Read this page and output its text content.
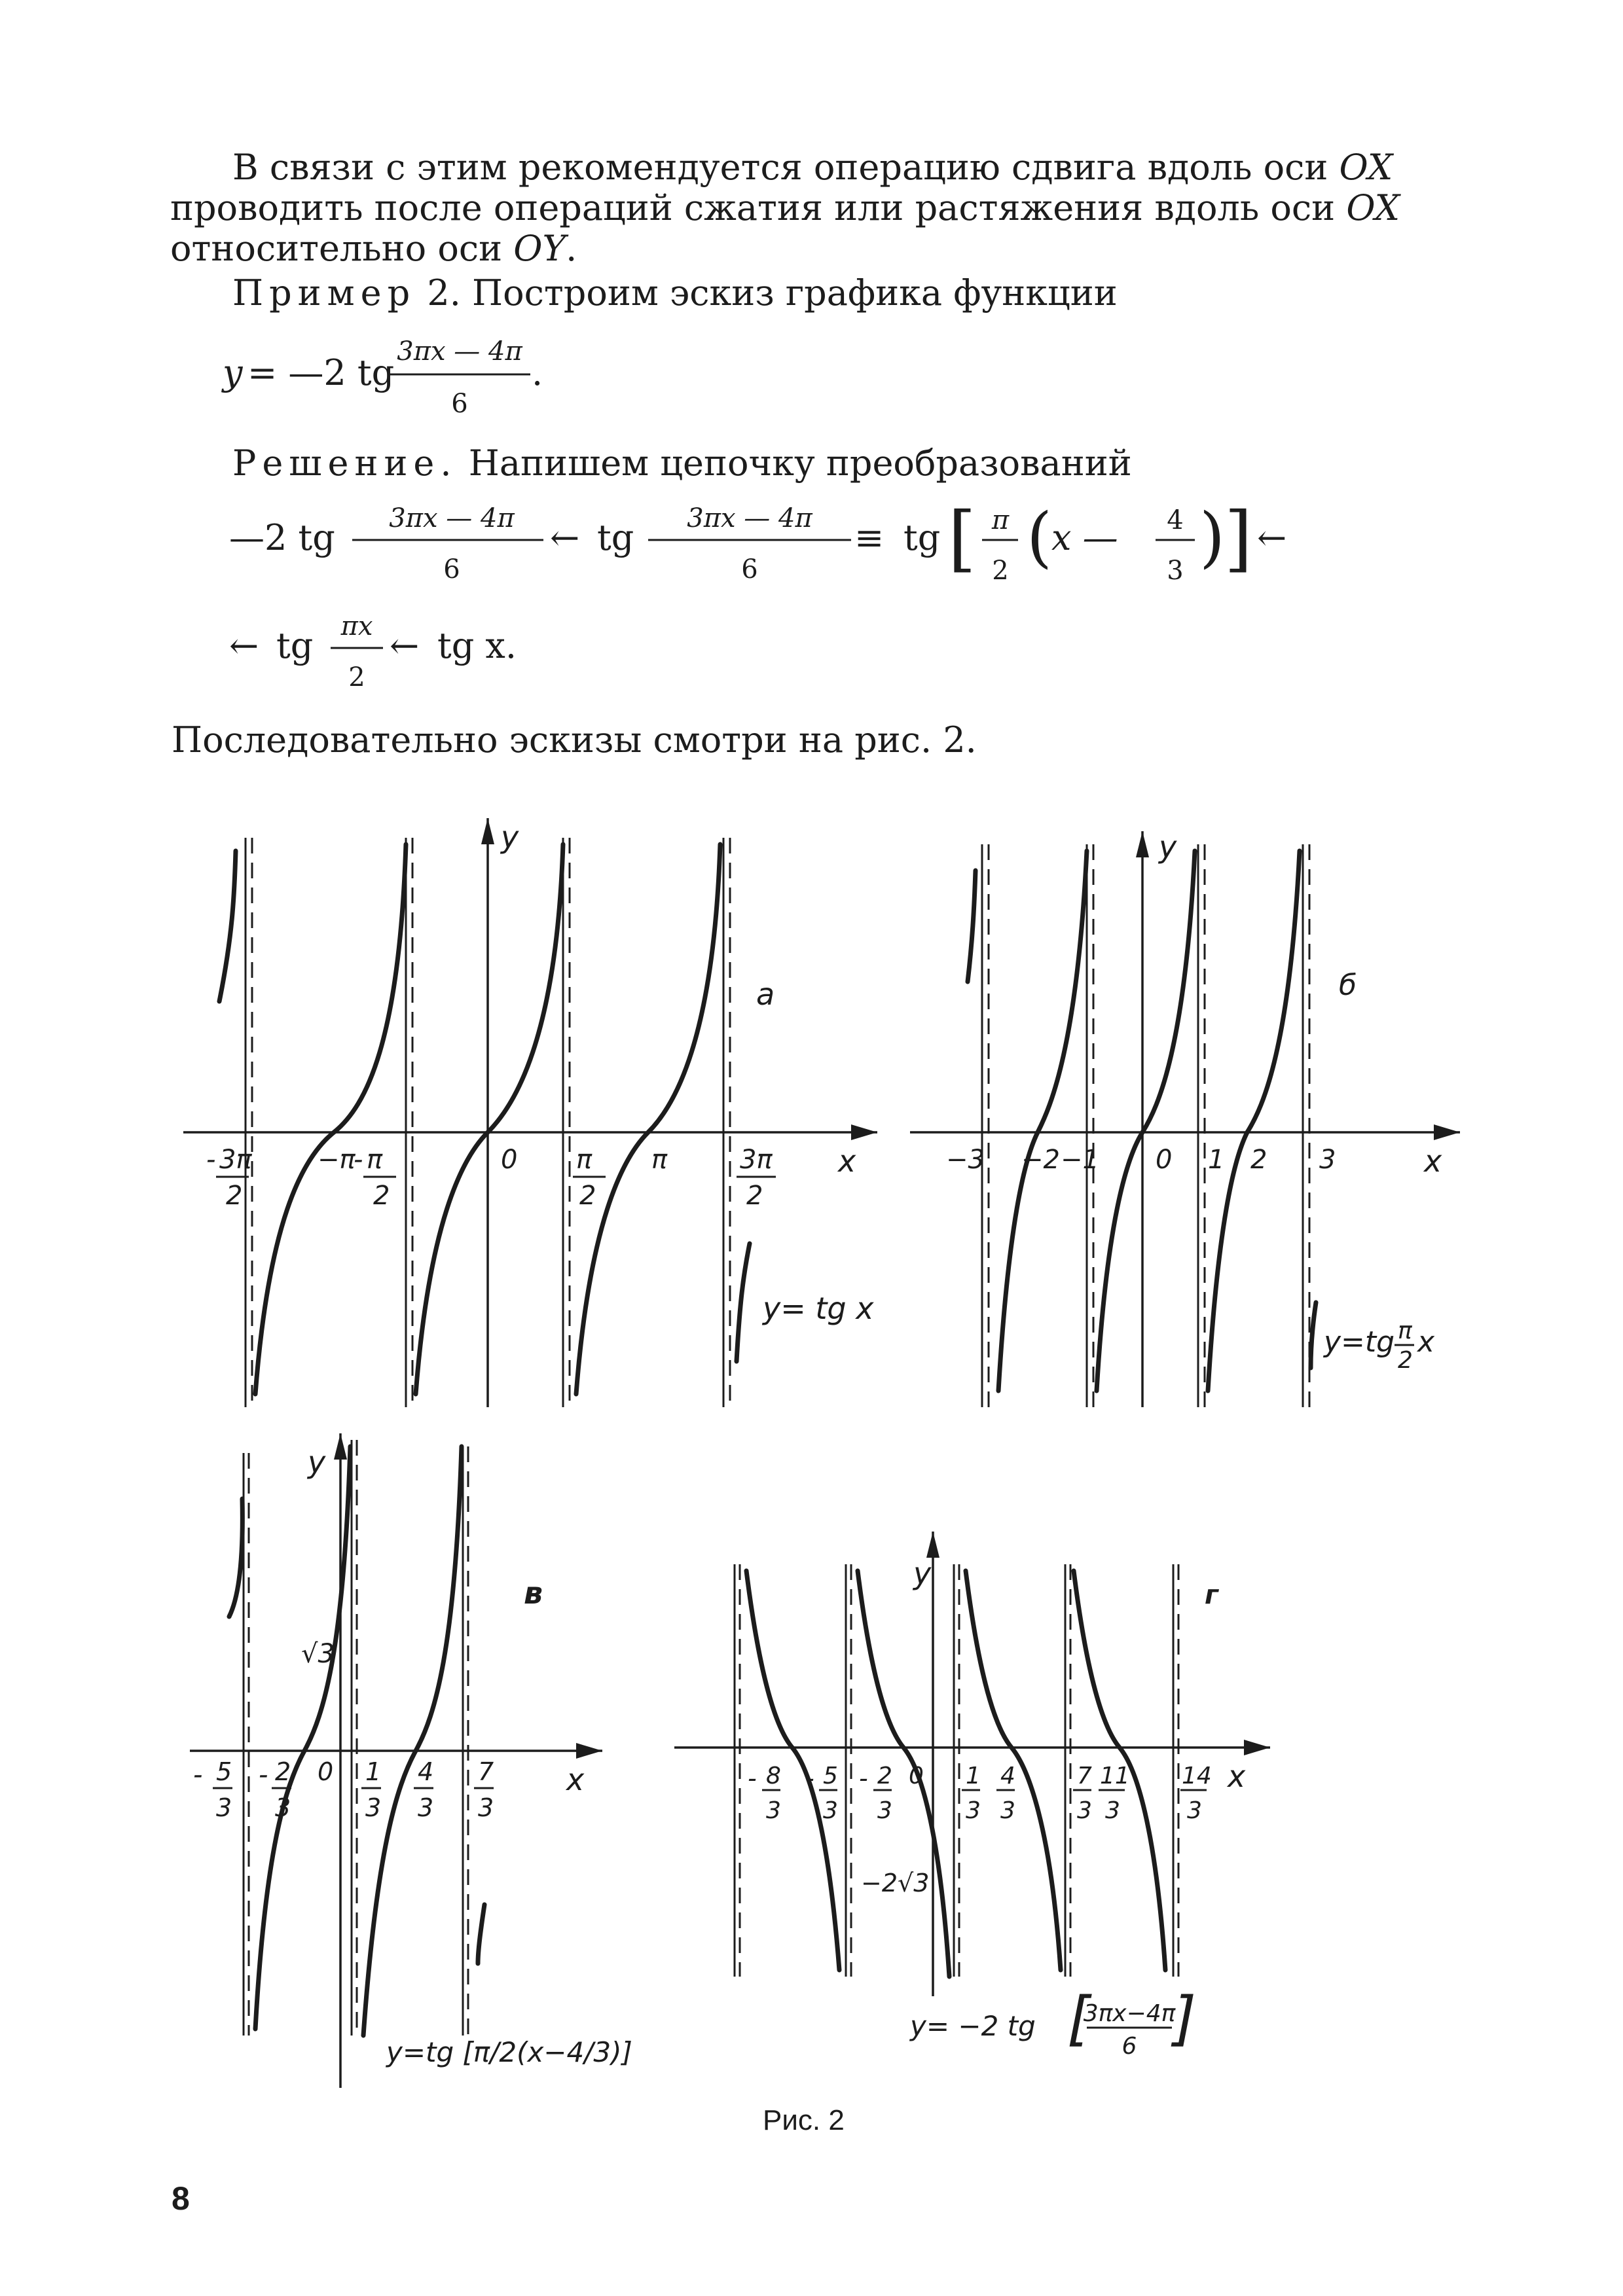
В связи с этим рекомендуется операцию сдвига вдоль оси OX
проводить после операций сжатия или растяжения вдоль оси OX
относительно оси OY.
Пример 2. Построим эскиз графика функции
y = —2 tg
3πx — 4π
6
.
Решение. Напишем цепочку преобразований
—2 tg 3πx — 4π
6
← tg 3πx — 4π
6
≡ tg [ π
2 (
x — 4
3 )
] ←
← tg πx
2
← tg x.
Последовательно эскизы смотри на рис. 2.
y
а
x
3π
-
2
−π
- π
2
0 π
2
π	3π
2
y= tg x
y
б
x
−3 −2 −1 0 1 2 3
y=tg π
2
x
y
в
√3
x
- 5
3
- 2
3
0 1
3
4
3
7
3
y=tg [π/2(x−4/3)]
y
г
x
−2√3
- 8
3
- 5
3
- 2
3
0 1
3
4
3
7
3
11
3
14
3
y= −2 tg [
3πx−4π
6 ]
Рис. 2
8
